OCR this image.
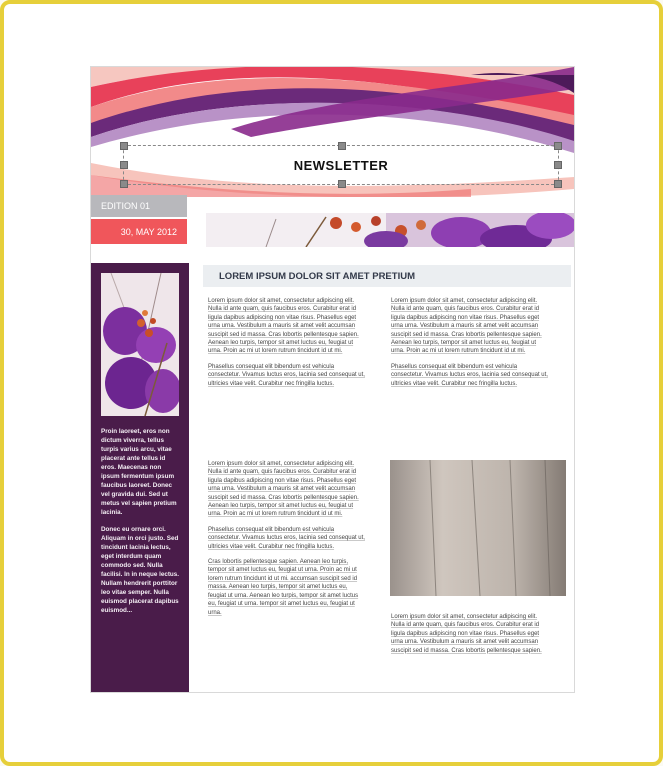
NEWSLETTER
EDITION 01
30, MAY 2012

Proin laoreet, eros non dictum viverra, tellus turpis varius arcu, vitae placerat ante tellus id eros. Maecenas non ipsum fermentum ipsum faucibus laoreet. Donec vel gravida dui. Sed ut metus vel sapien pretium lacinia.

Donec eu ornare orci. Aliquam in orci justo. Sed tincidunt lacinia lectus, eget interdum quam commodo sed. Nulla facilisi. In in neque lectus. Nullam hendrerit porttitor leo vitae semper. Nulla euismod placerat dapibus euismod...

LOREM IPSUM DOLOR SIT AMET PRETIUM

Lorem ipsum dolor sit amet, consectetur adipiscing elit. Nulla id ante quam, quis faucibus eros. Curabitur erat id ligula dapibus adipiscing non vitae risus. Phasellus eget urna urna. Vestibulum a mauris sit amet velit accumsan suscipit sed id massa. Cras lobortis pellentesque sapien. Aenean leo turpis, tempor sit amet luctus eu, feugiat ut urna. Proin ac mi ut lorem rutrum tincidunt id ut mi.

Phasellus consequat elit bibendum est vehicula consectetur. Vivamus luctus eros, lacinia sed consequat ut, ultricies vitae velit. Curabitur nec fringilla luctus.

Lorem ipsum dolor sit amet, consectetur adipiscing elit. Nulla id ante quam, quis faucibus eros. Curabitur erat id ligula dapibus adipiscing non vitae risus. Phasellus eget urna urna. Vestibulum a mauris sit amet velit accumsan suscipit sed id massa. Cras lobortis pellentesque sapien. Aenean leo turpis, tempor sit amet luctus eu, feugiat ut urna. Proin ac mi ut lorem rutrum tincidunt id ut mi.

Phasellus consequat elit bibendum est vehicula consectetur. Vivamus luctus eros, lacinia sed consequat ut, ultricies vitae velit. Curabitur nec fringilla luctus.

Cras lobortis pellentesque sapien. Aenean leo turpis, tempor sit amet luctus eu, feugiat ut urna. Proin ac mi ut lorem rutrum tincidunt id ut mi. accumsan suscipit sed id massa. Aenean leo turpis, tempor sit amet luctus eu, feugiat ut urna. Aenean leo turpis, tempor sit amet luctus eu, feugiat ut urna. tempor sit amet luctus eu, feugiat ut urna.

Lorem ipsum dolor sit amet, consectetur adipiscing elit. Nulla id ante quam, quis faucibus eros. Curabitur erat id ligula dapibus adipiscing non vitae risus. Phasellus eget urna urna. Vestibulum a mauris sit amet velit accumsan suscipit sed id massa. Cras lobortis pellentesque sapien. Aenean leo turpis, tempor sit amet luctus eu, feugiat ut urna. Proin ac mi ut lorem rutrum tincidunt id ut mi.

Phasellus consequat elit bibendum est vehicula consectetur. Vivamus luctus eros, lacinia sed consequat ut, ultricies vitae velit. Curabitur nec fringilla luctus.

Lorem ipsum dolor sit amet, consectetur adipiscing elit. Nulla id ante quam, quis faucibus eros. Curabitur erat id ligula dapibus adipiscing non vitae risus. Phasellus eget urna urna. Vestibulum a mauris sit amet velit accumsan suscipit sed id massa. Cras lobortis pellentesque sapien.
